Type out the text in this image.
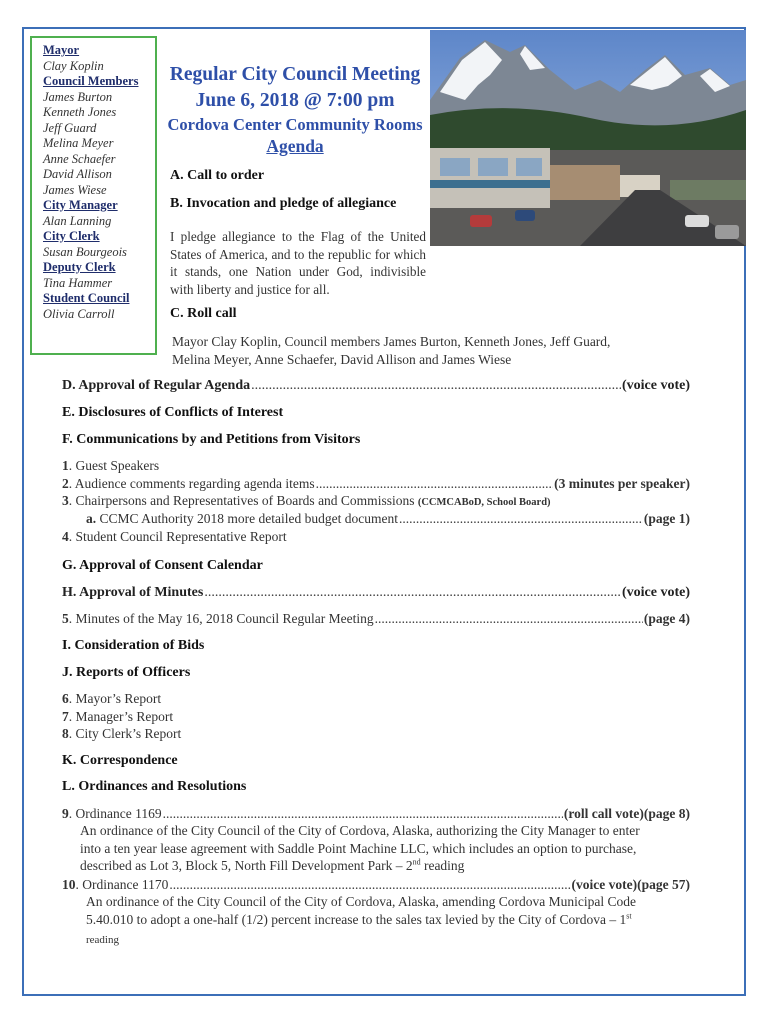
Mayor
Clay Koplin
Council Members
James Burton
Kenneth Jones
Jeff Guard
Melina Meyer
Anne Schaefer
David Allison
James Wiese
City Manager
Alan Lanning
City Clerk
Susan Bourgeois
Deputy Clerk
Tina Hammer
Student Council
Olivia Carroll
Regular City Council Meeting
June 6, 2018 @ 7:00 pm
Cordova Center Community Rooms
Agenda
A. Call to order
B. Invocation and pledge of allegiance
I pledge allegiance to the Flag of the United States of America, and to the republic for which it stands, one Nation under God, indivisible with liberty and justice for all.
C. Roll call
Mayor Clay Koplin, Council members James Burton, Kenneth Jones, Jeff Guard, Melina Meyer, Anne Schaefer, David Allison and James Wiese
D. Approval of Regular Agenda .....	(voice vote)
E. Disclosures of Conflicts of Interest
F. Communications by and Petitions from Visitors
1. Guest Speakers
2. Audience comments regarding agenda items .....	(3 minutes per speaker)
3. Chairpersons and Representatives of Boards and Commissions (CCMCABoD, School Board)
a. CCMC Authority 2018 more detailed budget document .....	(page 1)
4. Student Council Representative Report
G. Approval of Consent Calendar
H. Approval of Minutes .....	(voice vote)
5. Minutes of the May 16, 2018 Council Regular Meeting .....	(page 4)
I. Consideration of Bids
J. Reports of Officers
6. Mayor’s Report
7. Manager’s Report
8. City Clerk’s Report
K. Correspondence
L. Ordinances and Resolutions
9. Ordinance 1169 .....	(roll call vote)(page 8)
An ordinance of the City Council of the City of Cordova, Alaska, authorizing the City Manager to enter into a ten year lease agreement with Saddle Point Machine LLC, which includes an option to purchase, described as Lot 3, Block 5, North Fill Development Park – 2nd reading
10. Ordinance 1170 .....	(voice vote)(page 57)
An ordinance of the City Council of the City of Cordova, Alaska, amending Cordova Municipal Code 5.40.010 to adopt a one-half (1/2) percent increase to the sales tax levied by the City of Cordova – 1st reading
